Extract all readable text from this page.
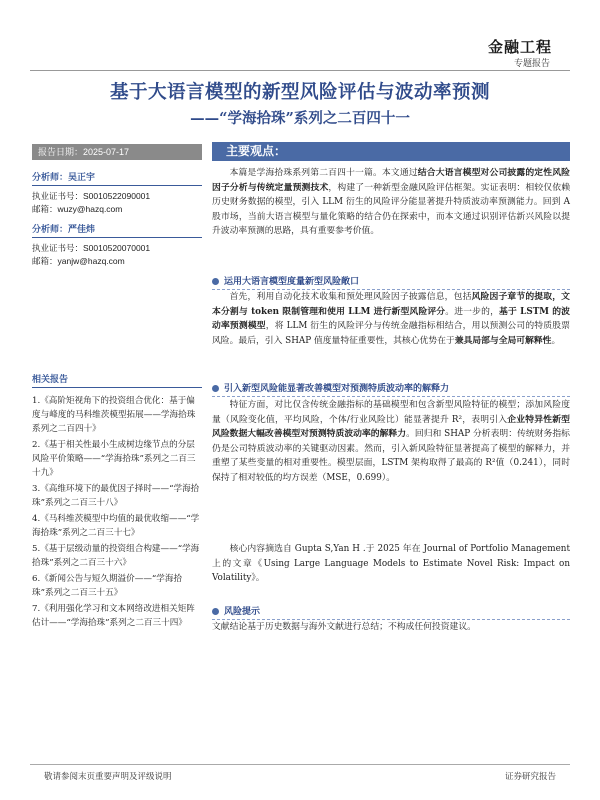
金融工程
专题报告
基于大语言模型的新型风险评估与波动率预测
——“学海拾珠”系列之二百四十一
报告日期：2025-07-17
分析师：吴正宇
执业证书号：S0010522090001
邮箱：wuzy@hazq.com
分析师：严佳炜
执业证书号：S0010520070001
邮箱：yanjw@hazq.com
相关报告
1.《高阶矩视角下的投资组合优化：基于偏度与峰度的马科维茨模型拓展——学海拾珠系列之二百四十》
2.《基于相关性最小生成树边缘节点的分层风险平价策略——“学海拾珠”系列之二百三十九》
3.《高维环境下的最优因子择时——“学海拾珠”系列之二百三十八》
4.《马科维茨模型中均值的最优收缩——“学海拾珠”系列之二百三十七》
5.《基于层级动量的投资组合构建——“学海拾珠”系列之二百三十六》
6.《新闻公告与短久期溢价——“学海拾珠”系列之二百三十五》
7.《利用强化学习和文本网络改进相关矩阵估计——“学海拾珠”系列之二百三十四》
主要观点：

本篇是学海拾珠系列第二百四十一篇。本文通过结合大语言模型对公司披露的定性风险因子分析与传统定量预测技术，构建了一种新型金融风险评估框架。实证表明：相较仅依赖历史财务数据的模型，引入 LLM 衍生的风险评分能显著提升特质波动率预测能力。回到 A 股市场，当前大语言模型与量化策略的结合仍在探索中，而本文通过识别评估新兴风险以提升波动率预测的思路，具有重要参考价值。

运用大语言模型度量新型风险敞口

首先，利用自动化技术收集和预处理风险因子披露信息，包括风险因子章节的提取，文本分割与 token 限制管理和使用 LLM 进行新型风险评分。进一步的，基于 LSTM 的波动率预测模型，将 LLM 衍生的风险评分与传统金融指标相结合，用以预测公司的特质股票风险。最后，引入 SHAP 值度量特征重要性，其核心优势在于兼具局部与全局可解释性。

引入新型风险能显著改善模型对预测特质波动率的解释力

特征方面，对比仅含传统金融指标的基础模型和包含新型风险特征的模型；添加风险度量（风险变化值，平均风险，个体/行业风险比）能显著提升 R²，表明引入企业特异性新型风险数据大幅改善模型对预测特质波动率的解释力。回归和 SHAP 分析表明：传统财务指标仍是公司特质波动率的关键驱动因素。然而，引入新风险特征显著提高了模型的解释力，并重塑了某些变量的相对重要性。模型层面，LSTM 架构取得了最高的 R²值（0.241），同时保持了相对较低的均方误差（MSE，0.699）。

核心内容摘选自 Gupta S,Yan H .于 2025 年在 Journal of Portfolio Management 上的文章《Using Large Language Models to Estimate Novel Risk: Impact on Volatility》。

风险提示

文献结论基于历史数据与海外文献进行总结；不构成任何投资建议。

敬请参阅末页重要声明及评级说明	证券研究报告
